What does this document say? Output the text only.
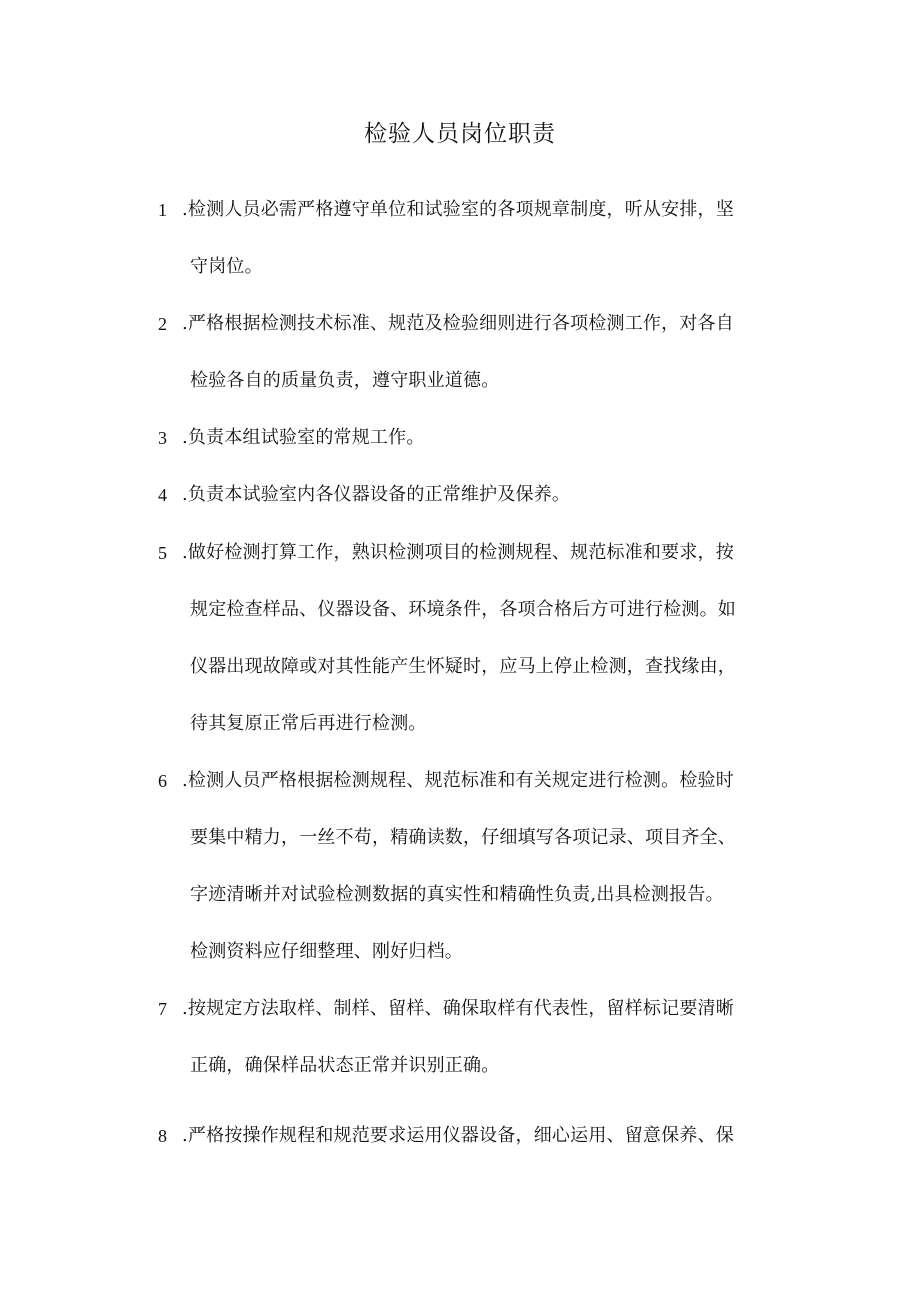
检验人员岗位职责
1 .检测人员必需严格遵守单位和试验室的各项规章制度，听从安排，坚
守岗位。
2 .严格根据检测技术标准、规范及检验细则进行各项检测工作，对各自
检验各自的质量负责，遵守职业道德。
3 .负责本组试验室的常规工作。
4 .负责本试验室内各仪器设备的正常维护及保养。
5 .做好检测打算工作，熟识检测项目的检测规程、规范标准和要求，按
规定检查样品、仪器设备、环境条件，各项合格后方可进行检测。如
仪器出现故障或对其性能产生怀疑时，应马上停止检测，查找缘由，
待其复原正常后再进行检测。
6 .检测人员严格根据检测规程、规范标准和有关规定进行检测。检验时
要集中精力，一丝不苟，精确读数，仔细填写各项记录、项目齐全、
字迹清晰并对试验检测数据的真实性和精确性负责,出具检测报告。
检测资料应仔细整理、刚好归档。
7 .按规定方法取样、制样、留样、确保取样有代表性，留样标记要清晰
正确，确保样品状态正常并识别正确。
8 .严格按操作规程和规范要求运用仪器设备，细心运用、留意保养、保
